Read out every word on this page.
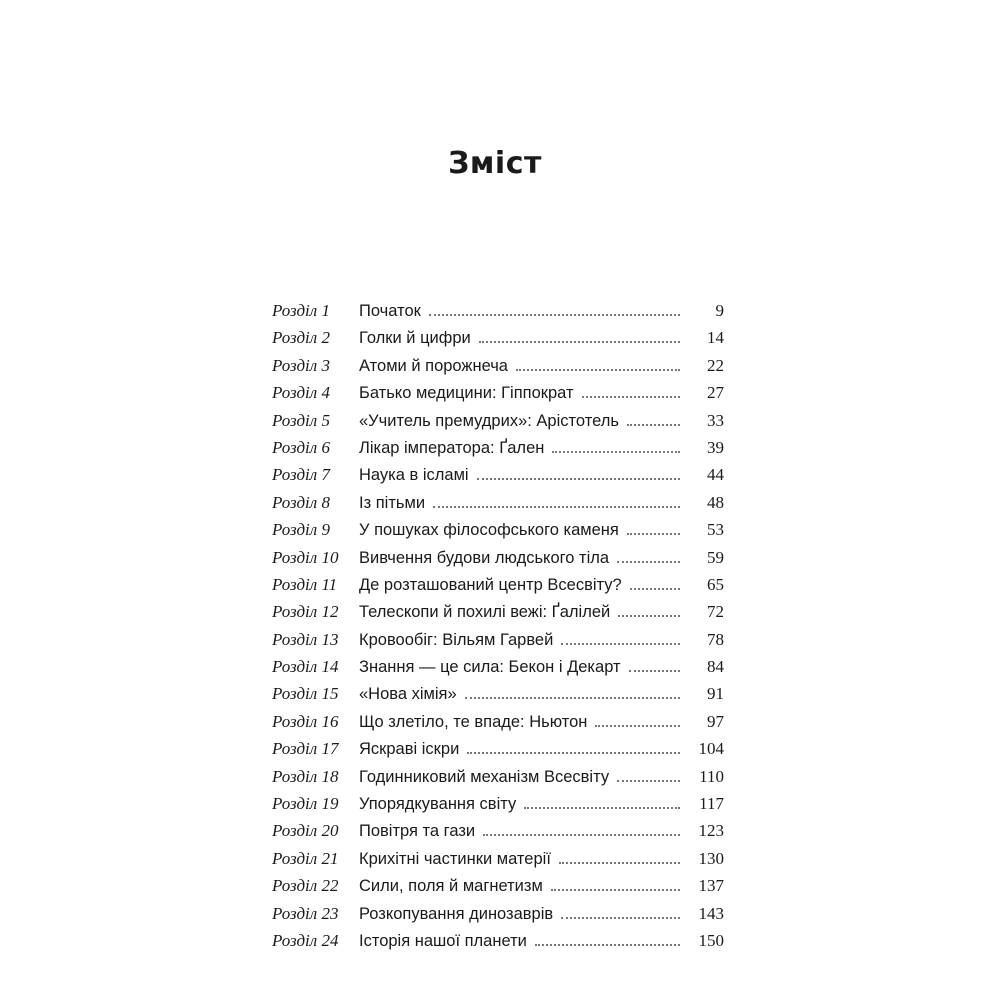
Зміст
Розділ 1	Початок	9
Розділ 2	Голки й цифри	14
Розділ 3	Атоми й порожнеча	22
Розділ 4	Батько медицини: Гіппократ	27
Розділ 5	«Учитель премудрих»: Арістотель	33
Розділ 6	Лікар імператора: Ґален	39
Розділ 7	Наука в ісламі	44
Розділ 8	Із пітьми	48
Розділ 9	У пошуках філософського каменя	53
Розділ 10	Вивчення будови людського тіла	59
Розділ 11	Де розташований центр Всесвіту?	65
Розділ 12	Телескопи й похилі вежі: Ґалілей	72
Розділ 13	Кровообіг: Вільям Гарвей	78
Розділ 14	Знання — це сила: Бекон і Декарт	84
Розділ 15	«Нова хімія»	91
Розділ 16	Що злетіло, те впаде: Ньютон	97
Розділ 17	Яскраві іскри	104
Розділ 18	Годинниковий механізм Всесвіту	110
Розділ 19	Упорядкування світу	117
Розділ 20	Повітря та гази	123
Розділ 21	Крихітні частинки матерії	130
Розділ 22	Сили, поля й магнетизм	137
Розділ 23	Розкопування динозаврів	143
Розділ 24	Історія нашої планети	150
